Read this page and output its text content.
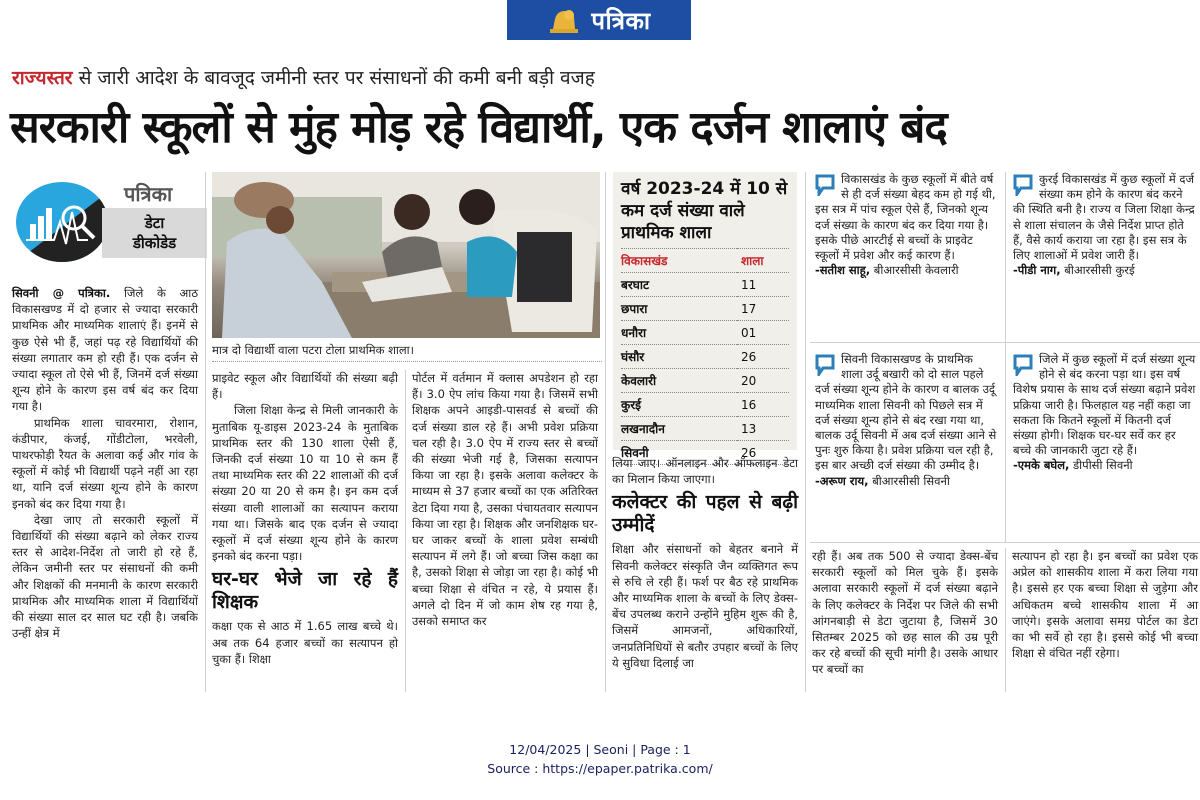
पत्रिका
राज्यस्तर से जारी आदेश के बावजूद जमीनी स्तर पर संसाधनों की कमी बनी बड़ी वजह
सरकारी स्कूलों से मुंह मोड़ रहे विद्यार्थी, एक दर्जन शालाएं बंद
पत्रिका
डेटा
डीकोडेड

सिवनी @ पत्रिका. जिले के आठ विकासखण्ड में दो हजार से ज्यादा सरकारी प्राथमिक और माध्यमिक शालाएं हैं। इनमें से कुछ ऐसे भी हैं, जहां पढ़ रहे विद्यार्थियों की संख्या लगातार कम हो रही हैं। एक दर्जन से ज्यादा स्कूल तो ऐसे भी हैं, जिनमें दर्ज संख्या शून्य होने के कारण इस वर्ष बंद कर दिया गया है।

प्राथमिक शाला चावरमारा, रोशान, कंडीपार, कंजई, गोंडीटोला, भरवेली, पाथरफोड़ी रैयत के अलावा कई और गांव के स्कूलों में कोई भी विद्यार्थी पढ़ने नहीं आ रहा था, यानि दर्ज संख्या शून्य होने के कारण इनको बंद कर दिया गया है।

देखा जाए तो सरकारी स्कूलों में विद्यार्थियों की संख्या बढ़ाने को लेकर राज्य स्तर से आदेश-निर्देश तो जारी हो रहे हैं, लेकिन जमीनी स्तर पर संसाधनों की कमी और शिक्षकों की मनमानी के कारण सरकारी प्राथमिक और माध्यमिक शाला में विद्यार्थियों की संख्या साल दर साल घट रही है। जबकि उन्हीं क्षेत्र में

मात्र दो विद्यार्थी वाला पटरा टोला प्राथमिक शाला।

प्राइवेट स्कूल और विद्यार्थियों की संख्या बढ़ी हैं।

जिला शिक्षा केन्द्र से मिली जानकारी के मुताबिक यू-डाइस 2023-24 के मुताबिक प्राथमिक स्तर की 130 शाला ऐसी हैं, जिनकी दर्ज संख्या 10 या 10 से कम हैं तथा माध्यमिक स्तर की 22 शालाओं की दर्ज संख्या 20 या 20 से कम है। इन कम दर्ज संख्या वाली शालाओं का सत्यापन कराया गया था। जिसके बाद एक दर्जन से ज्यादा स्कूलों में दर्ज संख्या शून्य होने के कारण इनको बंद करना पड़ा।

घर-घर भेजे जा रहे हैं शिक्षक

कक्षा एक से आठ में 1.65 लाख बच्चे थे। अब तक 64 हजार बच्चों का सत्यापन हो चुका हैं। शिक्षा

पोर्टल में वर्तमान में क्लास अपडेशन हो रहा हैं। 3.0 ऐप लांच किया गया है। जिसमें सभी शिक्षक अपने आइडी-पासवर्ड से बच्चों की दर्ज संख्या डाल रहे हैं। अभी प्रवेश प्रक्रिया चल रही है। 3.0 ऐप में राज्य स्तर से बच्चों की संख्या भेजी गई है, जिसका सत्यापन किया जा रहा है। इसके अलावा कलेक्टर के माध्यम से 37 हजार बच्चों का एक अतिरिक्त डेटा दिया गया है, उसका पंचायतवार सत्यापन किया जा रहा है। शिक्षक और जनशिक्षक घर-घर जाकर बच्चों के शाला प्रवेश सम्बंधी सत्यापन में लगे हैं। जो बच्चा जिस कक्षा का है, उसको शिक्षा से जोड़ा जा रहा है। कोई भी बच्चा शिक्षा से वंचित न रहे, ये प्रयास हैं। अगले दो दिन में जो काम शेष रह गया है, उसको समाप्त कर

वर्ष 2023-24 में 10 से कम दर्ज संख्या वाले प्राथमिक शाला
विकासखंड	शाला
बरघाट	11
छपारा	17
धनौरा	01
घंसौर	26
केवलारी	20
कुरई	16
लखनादौन	13
सिवनी	26

लिया जाए। ऑनलाइन और ऑफलाइन डेटा का मिलान किया जाएगा।

कलेक्टर की पहल से बढ़ी उम्मीदें

शिक्षा और संसाधनों को बेहतर बनाने में सिवनी कलेक्टर संस्कृति जैन व्यक्तिगत रूप से रुचि ले रही हैं। फर्श पर बैठ रहे प्राथमिक और माध्यमिक शाला के बच्चों के लिए डेक्स-बेंच उपलब्ध कराने उन्होंने मुहिम शुरू की है, जिसमें आमजनों, अधिकारियों, जनप्रतिनिधियों से बतौर उपहार बच्चों के लिए ये सुविधा दिलाई जा

विकासखंड के कुछ स्कूलों में बीते वर्ष से ही दर्ज संख्या बेहद कम हो गई थी, इस सत्र में पांच स्कूल ऐसे हैं, जिनको शून्य दर्ज संख्या के कारण बंद कर दिया गया है। इसके पीछे आरटीई से बच्चों के प्राइवेट स्कूलों में प्रवेश और कई कारण हैं।
-सतीश साहू, बीआरसीसी केवलारी
कुरई विकासखंड में कुछ स्कूलों में दर्ज संख्या कम होने के कारण बंद करने की स्थिति बनी है। राज्य व जिला शिक्षा केन्द्र से शाला संचालन के जैसे निर्देश प्राप्त होते हैं, वैसे कार्य कराया जा रहा है। इस सत्र के लिए शालाओं में प्रवेश जारी हैं।
-पीडी नाग, बीआरसीसी कुरई
सिवनी विकासखण्ड के प्राथमिक शाला उर्दू बखारी को दो साल पहले दर्ज संख्या शून्य होने के कारण व बालक उर्दू माध्यमिक शाला सिवनी को पिछले सत्र में दर्ज संख्या शून्य होने से बंद रखा गया था, बालक उर्दू सिवनी में अब दर्ज संख्या आने से पुनः शुरु किया है। प्रवेश प्रक्रिया चल रही है, इस बार अच्छी दर्ज संख्या की उम्मीद है।
-अरूण राय, बीआरसीसी सिवनी
जिले में कुछ स्कूलों में दर्ज संख्या शून्य होने से बंद करना पड़ा था। इस वर्ष विशेष प्रयास के साथ दर्ज संख्या बढ़ाने प्रवेश प्रक्रिया जारी है। फिलहाल यह नहीं कहा जा सकता कि कितने स्कूलों में कितनी दर्ज संख्या होगी। शिक्षक घर-घर सर्वे कर हर बच्चे की जानकारी जुटा रहे हैं।
-एमके बघेल, डीपीसी सिवनी

रही हैं। अब तक 500 से ज्यादा डेक्स-बेंच सरकारी स्कूलों को मिल चुके हैं। इसके अलावा सरकारी स्कूलों में दर्ज संख्या बढ़ाने के लिए कलेक्टर के निर्देश पर जिले की सभी आंगनबाड़ी से डेटा जुटाया है, जिसमें 30 सितम्बर 2025 को छह साल की उम्र पूरी कर रहे बच्चों की सूची मांगी है। उसके आधार पर बच्चों का

सत्यापन हो रहा है। इन बच्चों का प्रवेश एक अप्रेल को शासकीय शाला में करा लिया गया है। इससे हर एक बच्चा शिक्षा से जुड़ेगा और अधिकतम बच्चे शासकीय शाला में आ जाएंगे। इसके अलावा समग्र पोर्टल का डेटा का भी सर्वे हो रहा है। इससे कोई भी बच्चा शिक्षा से वंचित नहीं रहेगा।

12/04/2025 | Seoni | Page : 1
Source : https://epaper.patrika.com/
